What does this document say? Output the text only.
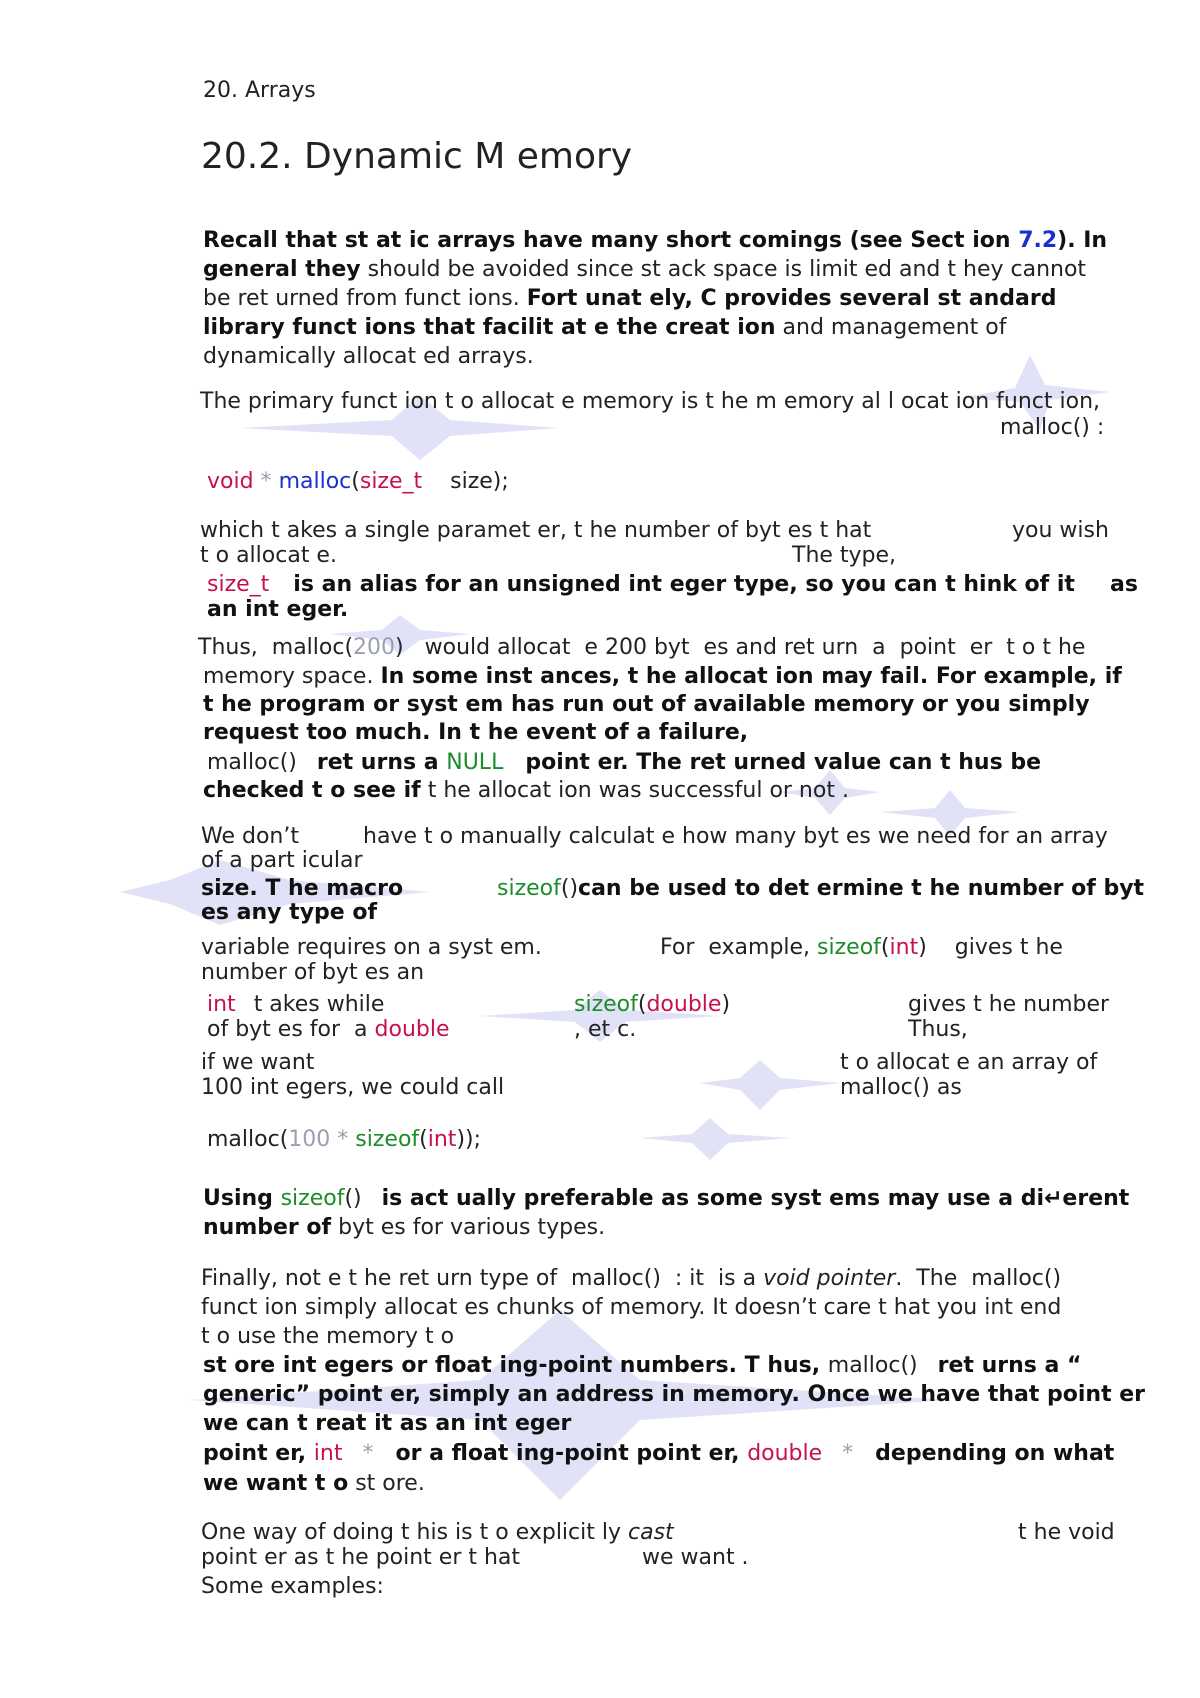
20. Arrays
20.2. Dynamic M emory
Recall that st at ic arrays have many short comings (see Sect ion 7.2). In
general they should be avoided since st ack space is limit ed and t hey cannot
be ret urned from funct ions. Fort unat ely, C provides several st andard
library funct ions that facilit at e the creat ion and management of
dynamically allocat ed arrays.
The primary funct ion t o allocat e memory is t he m emory al l ocat ion funct ion,
malloc() :
void * malloc(size_t    size);
which t akes a single paramet er, t he number of byt es t hat	you wish
t o allocat e.	The type,
size_t is an alias for an unsigned int eger type, so you can t hink of it as
an int eger.
Thus,  malloc(200)   would allocat  e 200 byt  es and ret urn  a  point  er  t o t he
memory space. In some inst ances, t he allocat ion may fail. For example, if
t he program or syst em has run out of available memory or you simply
request too much. In t he event of a failure,
malloc() ret urns a NULL point er. The ret urned value can t hus be
checked t o see if t he allocat ion was successful or not .
We don’t	have t o manually calculat e how many byt es we need for an array
of a part icular
size. T he macro	sizeof()can be used to det ermine t he number of byt
es any type of
variable requires on a syst em.	For  example, sizeof(int)    gives t he
number of byt es an
int t akes while	sizeof(double)	gives t he number
of byt es for  a double	, et c.	Thus,
if we want	t o allocat e an array of
100 int egers, we could call	malloc() as
malloc(100 * sizeof(int));
Using sizeof() is act ually preferable as some syst ems may use a di↵erent
number of byt es for various types.
Finally, not e t he ret urn type of  malloc()  : it  is a void pointer.  The  malloc()
funct ion simply allocat es chunks of memory. It doesn’t care t hat you int end
t o use the memory t o
st ore int egers or float ing-point numbers. T hus, malloc() ret urns a “
generic” point er, simply an address in memory. Once we have that point er
we can t reat it as an int eger
point er, int * or a float ing-point point er, double * depending on what
we want t o st ore.
One way of doing t his is t o explicit ly cast	t he void
point er as t he point er t hat	we want .
Some examples:
